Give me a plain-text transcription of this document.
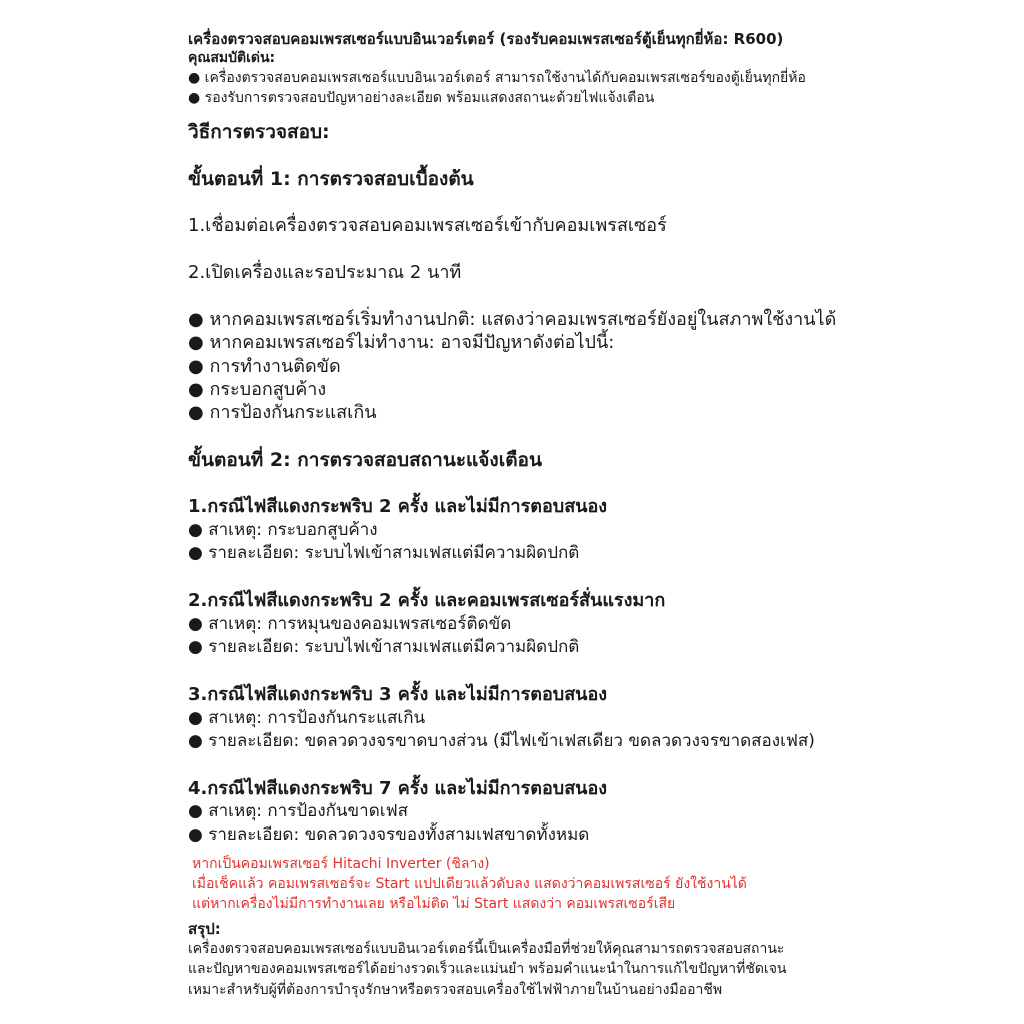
เครื่องตรวจสอบคอมเพรสเซอร์แบบอินเวอร์เตอร์ (รองรับคอมเพรสเซอร์ตู้เย็นทุกยี่ห้อ: R600)
คุณสมบัติเด่น:
● เครื่องตรวจสอบคอมเพรสเซอร์แบบอินเวอร์เตอร์ สามารถใช้งานได้กับคอมเพรสเซอร์ของตู้เย็นทุกยี่ห้อ
● รองรับการตรวจสอบปัญหาอย่างละเอียด พร้อมแสดงสถานะด้วยไฟแจ้งเตือน
วิธีการตรวจสอบ:
ขั้นตอนที่ 1: การตรวจสอบเบื้องต้น
1.เชื่อมต่อเครื่องตรวจสอบคอมเพรสเซอร์เข้ากับคอมเพรสเซอร์
2.เปิดเครื่องและรอประมาณ 2 นาที
● หากคอมเพรสเซอร์เริ่มทำงานปกติ: แสดงว่าคอมเพรสเซอร์ยังอยู่ในสภาพใช้งานได้
● หากคอมเพรสเซอร์ไม่ทำงาน: อาจมีปัญหาดังต่อไปนี้:
● การทำงานติดขัด
● กระบอกสูบค้าง
● การป้องกันกระแสเกิน
ขั้นตอนที่ 2: การตรวจสอบสถานะแจ้งเตือน
1.กรณีไฟสีแดงกระพริบ 2 ครั้ง และไม่มีการตอบสนอง
● สาเหตุ: กระบอกสูบค้าง
● รายละเอียด: ระบบไฟเข้าสามเฟสแต่มีความผิดปกติ
2.กรณีไฟสีแดงกระพริบ 2 ครั้ง และคอมเพรสเซอร์สั่นแรงมาก
● สาเหตุ: การหมุนของคอมเพรสเซอร์ติดขัด
● รายละเอียด: ระบบไฟเข้าสามเฟสแต่มีความผิดปกติ
3.กรณีไฟสีแดงกระพริบ 3 ครั้ง และไม่มีการตอบสนอง
● สาเหตุ: การป้องกันกระแสเกิน
● รายละเอียด: ขดลวดวงจรขาดบางส่วน (มีไฟเข้าเฟสเดียว ขดลวดวงจรขาดสองเฟส)
4.กรณีไฟสีแดงกระพริบ 7 ครั้ง และไม่มีการตอบสนอง
● สาเหตุ: การป้องกันขาดเฟส
● รายละเอียด: ขดลวดวงจรของทั้งสามเฟสขาดทั้งหมด
หากเป็นคอมเพรสเซอร์ Hitachi Inverter (ชิลาง)
เมื่อเช็คแล้ว คอมเพรสเซอร์จะ Start แปปเดียวแล้วดับลง แสดงว่าคอมเพรสเซอร์ ยังใช้งานได้
แต่หากเครื่องไม่มีการทำงานเลย หรือไม่ติด ไม่ Start แสดงว่า คอมเพรสเซอร์เสีย
สรุป:
เครื่องตรวจสอบคอมเพรสเซอร์แบบอินเวอร์เตอร์นี้เป็นเครื่องมือที่ช่วยให้คุณสามารถตรวจสอบสถานะ
และปัญหาของคอมเพรสเซอร์ได้อย่างรวดเร็วและแม่นยำ พร้อมคำแนะนำในการแก้ไขปัญหาที่ชัดเจน
เหมาะสำหรับผู้ที่ต้องการบำรุงรักษาหรือตรวจสอบเครื่องใช้ไฟฟ้าภายในบ้านอย่างมืออาชีพ
